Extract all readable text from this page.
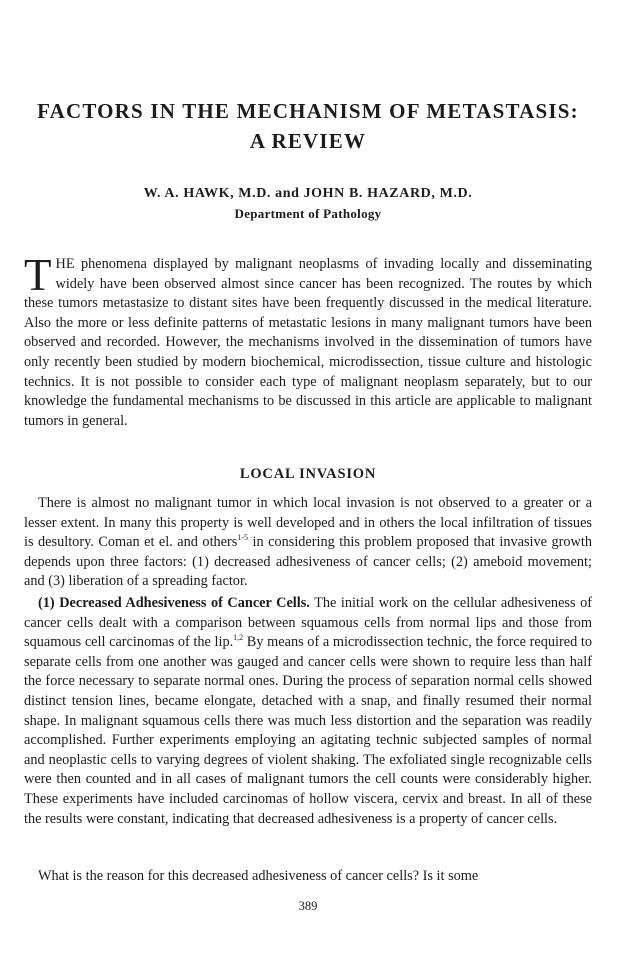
FACTORS IN THE MECHANISM OF METASTASIS:
A REVIEW
W. A. HAWK, M.D. and JOHN B. HAZARD, M.D.
Department of Pathology

THE phenomena displayed by malignant neoplasms of invading locally and disseminating widely have been observed almost since cancer has been recognized. The routes by which these tumors metastasize to distant sites have been frequently discussed in the medical literature. Also the more or less definite patterns of metastatic lesions in many malignant tumors have been observed and recorded. However, the mechanisms involved in the dissemination of tumors have only recently been studied by modern biochemical, microdissection, tissue culture and histologic technics. It is not possible to consider each type of malignant neoplasm separately, but to our knowledge the fundamental mechanisms to be discussed in this article are applicable to malignant tumors in general.

LOCAL INVASION

There is almost no malignant tumor in which local invasion is not observed to a greater or a lesser extent. In many this property is well developed and in others the local infiltration of tissues is desultory. Coman et el. and others$^{1-5}$ in considering this problem proposed that invasive growth depends upon three factors: (1) decreased adhesiveness of cancer cells; (2) ameboid movement; and (3) liberation of a spreading factor.

(1) Decreased Adhesiveness of Cancer Cells. The initial work on the cellular adhesiveness of cancer cells dealt with a comparison between squamous cells from normal lips and those from squamous cell carcinomas of the lip.$^{1,2}$ By means of a microdissection technic, the force required to separate cells from one another was gauged and cancer cells were shown to require less than half the force necessary to separate normal ones. During the process of separation normal cells showed distinct tension lines, became elongate, detached with a snap, and finally resumed their normal shape. In malignant squamous cells there was much less distortion and the separation was readily accomplished. Further experiments employing an agitating technic subjected samples of normal and neoplastic cells to varying degrees of violent shaking. The exfoliated single recognizable cells were then counted and in all cases of malignant tumors the cell counts were considerably higher. These experiments have included carcinomas of hollow viscera, cervix and breast. In all of these the results were constant, indicating that decreased adhesiveness is a property of cancer cells.

What is the reason for this decreased adhesiveness of cancer cells? Is it some

389
